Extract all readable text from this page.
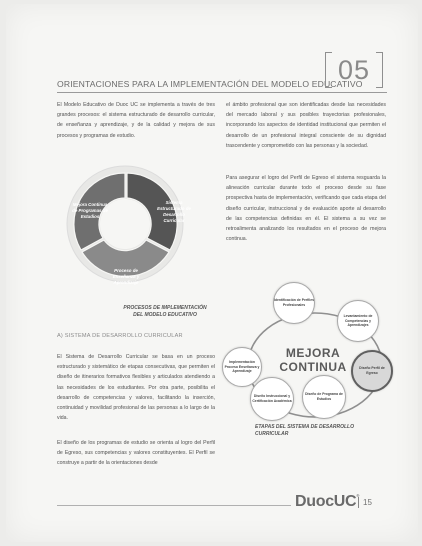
ORIENTACIONES PARA LA IMPLEMENTACIÓN DEL MODELO EDUCATIVO
05

El Modelo Educativo de Duoc UC se implementa a través de tres grandes procesos: el sistema estructurado de desarrollo curricular, de enseñanza y aprendizaje, y de la calidad y mejora de sus procesos y programas de estudio.

Mejora Continua de Programas de Estudios
Sistema Estructurado de Desarrollo Curricular
Proceso de Enseñanza y Aprendizaje
PROCESOS DE IMPLEMENTACIÓN DEL MODELO EDUCATIVO
A) SISTEMA DE DESARROLLO CURRICULAR

El Sistema de Desarrollo Curricular se basa en un proceso estructurado y sistemático de etapas consecutivas, que permiten el diseño de itinerarios formativos flexibles y articulados atendiendo a las necesidades de los estudiantes. Por otra parte, posibilita el desarrollo de competencias y valores, facilitando la inserción, continuidad y movilidad profesional de las personas a lo largo de la vida.

El diseño de los programas de estudio se orienta al logro del Perfil de Egreso, sus competencias y valores constituyentes. El Perfil se construye a partir de la orientaciones desde

el ámbito profesional que son identificadas desde las necesidades del mercado laboral y sus posibles trayectorias profesionales, incorporando los aspectos de identidad institucional que permiten el desarrollo de un profesional integral consciente de su dignidad trascendente y comprometido con las personas y la sociedad.

Para asegurar el logro del Perfil de Egreso el sistema resguarda la alineación curricular durante todo el proceso desde su fase prospectiva hasta de implementación, verificando que cada etapa del diseño curricular, instruccional y de evaluación aporte al desarrollo de las competencias definidas en él. El sistema a su vez se retroalimenta analizando los resultados en el proceso de mejora continua.

MEJORA
CONTINUA
Identificación de Perfiles Profesionales
Levantamiento de Competencias y Aprendizajes
Diseño Perfil de Egreso
Diseño de Programa de Estudios
Diseño Instruccional y Certificación Académica
Implementación Proceso Enseñanza y Aprendizaje
ETAPAS DEL SISTEMA DE DESARROLLO CURRICULAR
DuocUC®
15
